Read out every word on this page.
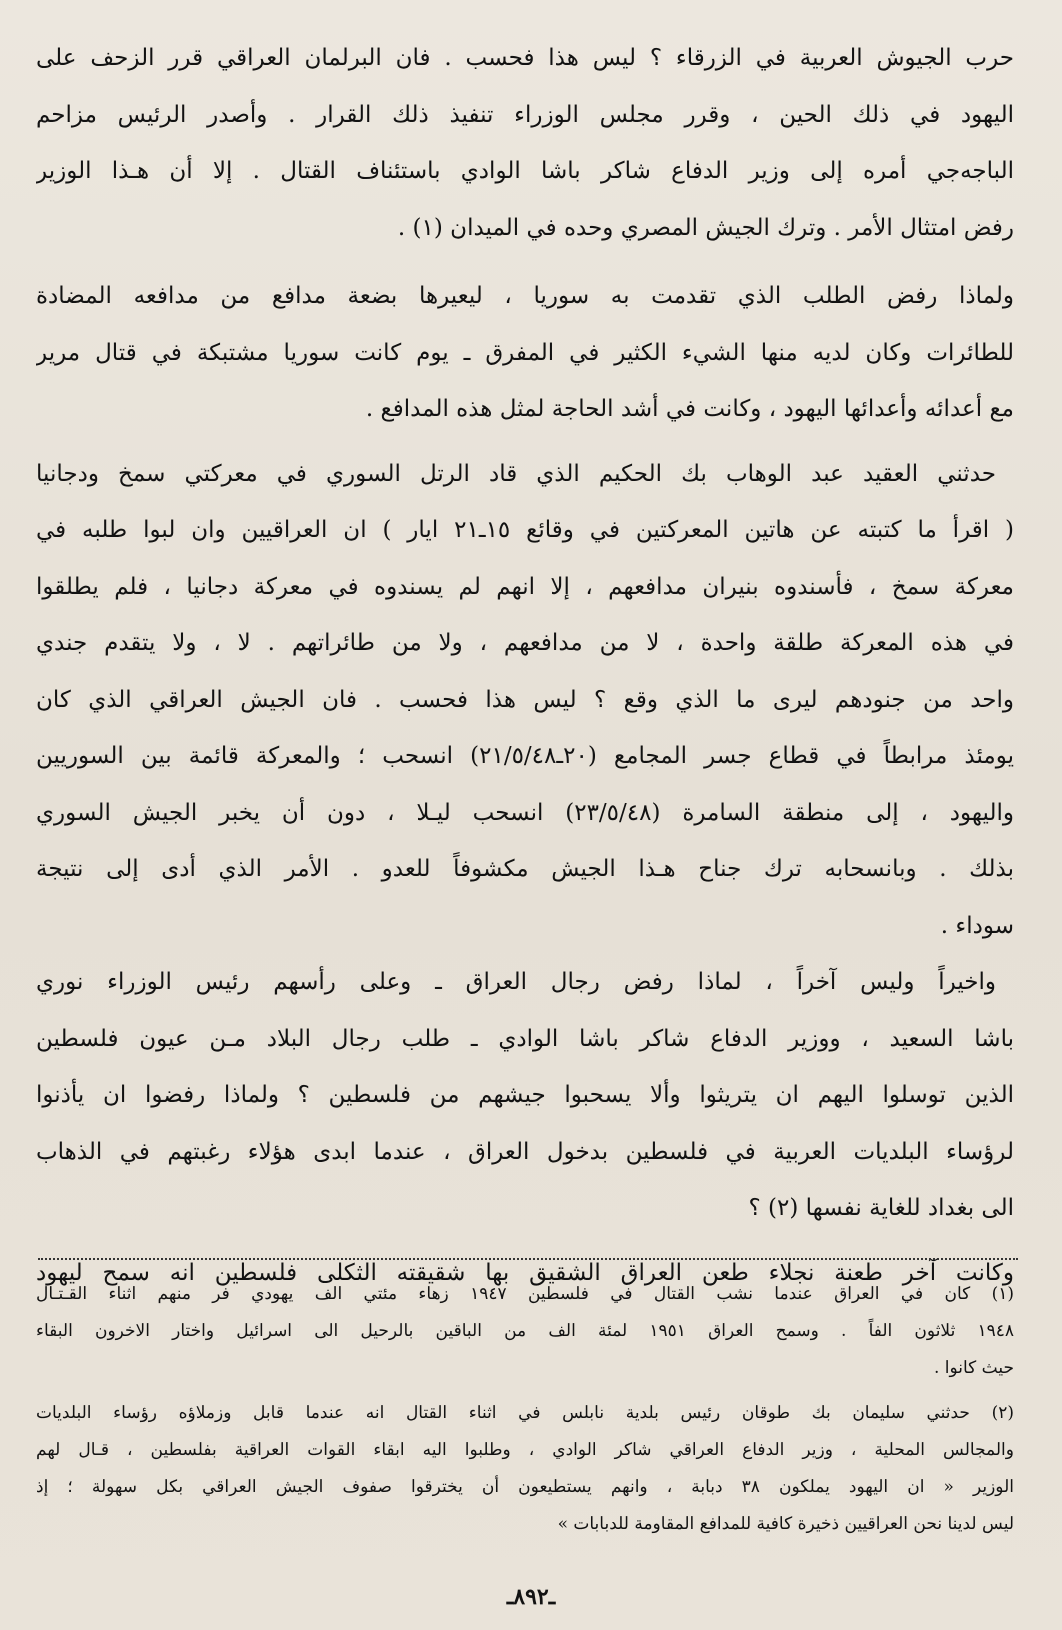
حرب الجيوش العربية في الزرقاء ؟ ليس هذا فحسب . فان البرلمان العراقي قرر الزحف على
اليهود في ذلك الحين ، وقرر مجلس الوزراء تنفيذ ذلك القرار . وأصدر الرئيس مزاحم
الباجه‌جي أمره إلى وزير الدفاع شاكر باشا الوادي باستئناف القتال . إلا أن هـذا الوزير
رفض امتثال الأمر . وترك الجيش المصري وحده في الميدان (١) .
ولماذا رفض الطلب الذي تقدمت به سوريا ، ليعيرها بضعة مدافع من مدافعه المضادة
للطائرات وكان لديه منها الشيء الكثير في المفرق ـ يوم كانت سوريا مشتبكة في قتال مرير
مع أعدائه وأعدائها اليهود ، وكانت في أشد الحاجة لمثل هذه المدافع .
حدثني العقيد عبد الوهاب بك الحكيم الذي قاد الرتل السوري في معركتي سمخ ودجانيا
( اقرأ ما كتبته عن هاتين المعركتين في وقائع ١٥ـ٢١ ايار ) ان العراقيين وان لبوا طلبه في
معركة سمخ ، فأسندوه بنيران مدافعهم ، إلا انهم لم يسندوه في معركة دجانيا ، فلم يطلقوا
في هذه المعركة طلقة واحدة ، لا من مدافعهم ، ولا من طائراتهم . لا ، ولا يتقدم جندي
واحد من جنودهم ليرى ما الذي وقع ؟ ليس هذا فحسب . فان الجيش العراقي الذي كان
يومئذ مرابطاً في قطاع جسر المجامع (٢٠ـ٢١/٥/٤٨) انسحب ؛ والمعركة قائمة بين السوريين
واليهود ، إلى منطقة السامرة (٢٣/٥/٤٨) انسحب ليـلا ، دون أن يخبر الجيش السوري
بذلك . وبانسحابه ترك جناح هـذا الجيش مكشوفاً للعدو . الأمر الذي أدى إلى نتيجة
سوداء .
واخيراً وليس آخراً ، لماذا رفض رجال العراق ـ وعلى رأسهم رئيس الوزراء نوري
باشا السعيد ، ووزير الدفاع شاكر باشا الوادي ـ طلب رجال البلاد مـن عيون فلسطين
الذين توسلوا اليهم ان يتريثوا وألا يسحبوا جيشهم من فلسطين ؟ ولماذا رفضوا ان يأذنوا
لرؤساء البلديات العربية في فلسطين بدخول العراق ، عندما ابدى هؤلاء رغبتهم في الذهاب
الى بغداد للغاية نفسها (٢) ؟
وكانت آخر طعنة نجلاء طعن العراق الشقيق بها شقيقته الثكلى فلسطين انه سمح ليهود
(١) كان في العراق عندما نشب القتال في فلسطين ١٩٤٧ زهاء مئتي الف يهودي فر منهم اثناء القـتـال
١٩٤٨ ثلاثون الفاً . وسمح العراق ١٩٥١ لمئة الف من الباقين بالرحيل الى اسرائيل واختار الاخرون البقاء
حيث كانوا .
(٢) حدثني سليمان بك طوقان رئيس بلدية نابلس في اثناء القتال انه عندما قابل وزملاؤه رؤساء البلديات
والمجالس المحلية ، وزير الدفاع العراقي شاكر الوادي ، وطلبوا اليه ابقاء القوات العراقية بفلسطين ، قـال لهم
الوزير « ان اليهود يملكون ٣٨ دبابة ، وانهم يستطيعون أن يخترقوا صفوف الجيش العراقي بكل سهولة ؛ إذ
ليس لدينا نحن العراقيين ذخيرة كافية للمدافع المقاومة للدبابات »
ـ٨٩٢ـ
